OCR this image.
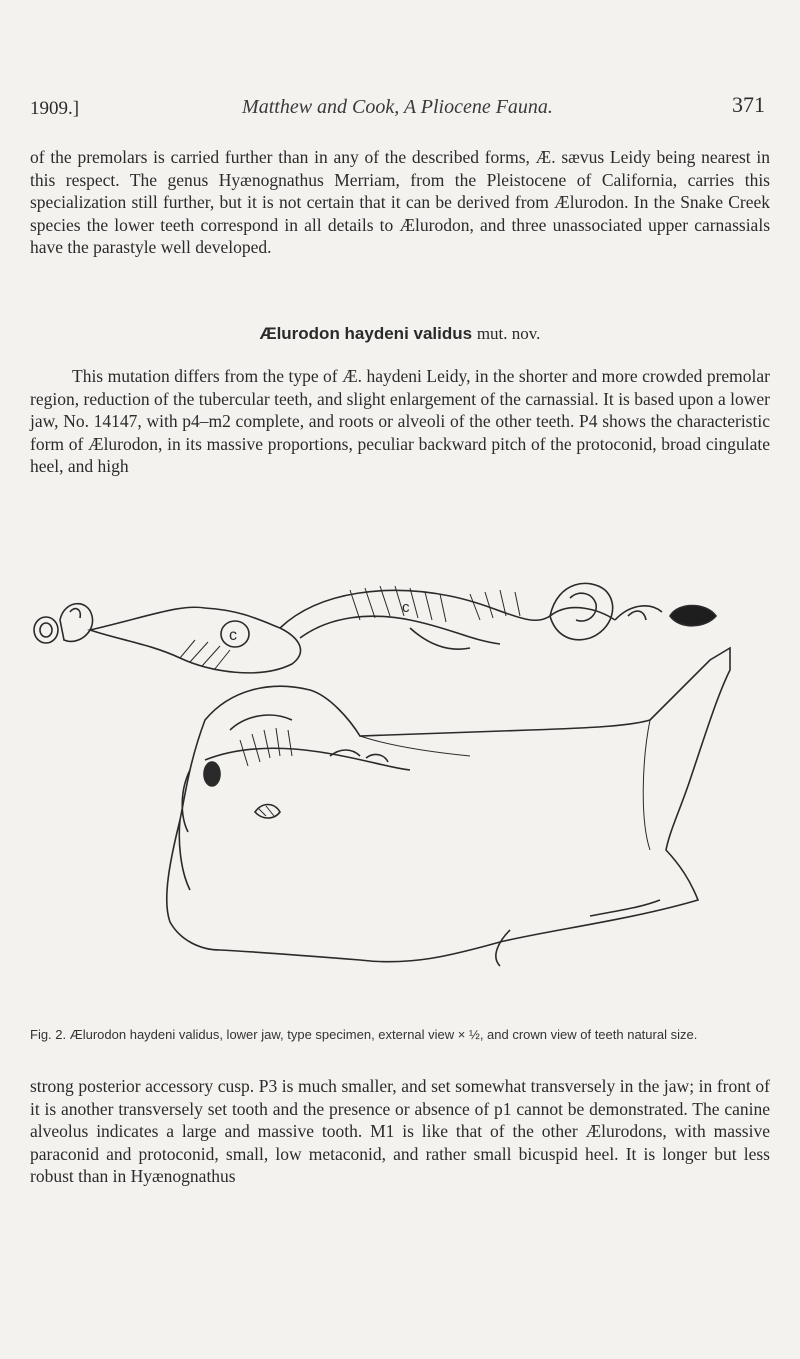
1909.]	Matthew and Cook, A Pliocene Fauna.	371

of the premolars is carried further than in any of the described forms, Æ. sævus Leidy being nearest in this respect. The genus Hyænognathus Merriam, from the Pleistocene of California, carries this specialization still further, but it is not certain that it can be derived from Ælurodon. In the Snake Creek species the lower teeth correspond in all details to Ælurodon, and three unassociated upper carnassials have the parastyle well developed.

Ælurodon haydeni validus mut. nov.

This mutation differs from the type of Æ. haydeni Leidy, in the shorter and more crowded premolar region, reduction of the tubercular teeth, and slight enlargement of the carnassial. It is based upon a lower jaw, No. 14147, with p4–m2 complete, and roots or alveoli of the other teeth. P4 shows the characteristic form of Ælurodon, in its massive proportions, peculiar backward pitch of the protoconid, broad cingulate heel, and high

c
c

Fig. 2. Ælurodon haydeni validus, lower jaw, type specimen, external view × ½, and crown view of teeth natural size.

strong posterior accessory cusp. P3 is much smaller, and set somewhat transversely in the jaw; in front of it is another transversely set tooth and the presence or absence of p1 cannot be demonstrated. The canine alveolus indicates a large and massive tooth. M1 is like that of the other Ælurodons, with massive paraconid and protoconid, small, low metaconid, and rather small bicuspid heel. It is longer but less robust than in Hyænognathus
